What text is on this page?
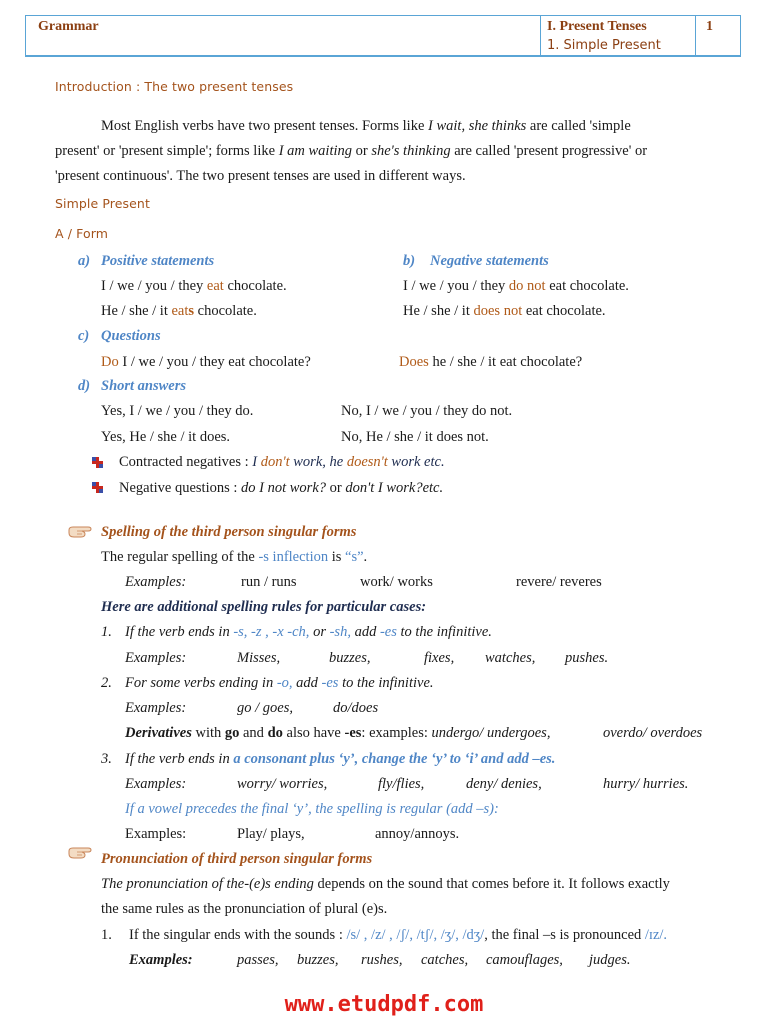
Grammar	I. Present Tenses
1. Simple Present
1
Introduction : The two present tenses
Most English verbs have two present tenses. Forms like I wait, she thinks are called 'simple
present' or 'present simple'; forms like I am waiting or she's thinking are called 'present progressive' or
'present continuous'. The two present tenses are used in different ways.
Simple Present
A / Form
a) Positive statements	b) Negative statements
I / we / you / they eat chocolate.	I / we / you / they do not eat chocolate.
He / she / it eats chocolate.	He / she / it does not eat chocolate.
c) Questions
Do I / we / you / they eat chocolate?	Does he / she / it eat chocolate?
d) Short answers
Yes, I / we / you / they do.	No, I / we / you / they do not.
Yes, He / she / it does.	No, He / she / it does not.
Contracted negatives : I don't work, he doesn't work etc.
Negative questions : do I not work? or don't I work?etc.
Spelling of the third person singular forms
The regular spelling of the -s inflection is “s”.
Examples:	run / runs	work/ works	revere/ reveres
Here are additional spelling rules for particular cases:
1. If the verb ends in -s, -z , -x -ch, or -sh, add -es to the infinitive.
Examples:	Misses,	buzzes,	fixes, watches, pushes.
2. For some verbs ending in -o, add -es to the infinitive.
Examples:	go / goes,	do/does
Derivatives with go and do also have -es: examples: undergo/ undergoes,	overdo/ overdoes
3. If the verb ends in a consonant plus ‘y’, change the ‘y’ to ‘i’ and add –es.
Examples:	worry/ worries,	fly/flies,	deny/ denies,	hurry/ hurries.
If a vowel precedes the final ‘y’, the spelling is regular (add –s):
Examples:	Play/ plays,	annoy/annoys.
Pronunciation of third person singular forms
The pronunciation of the-(e)s ending depends on the sound that comes before it. It follows exactly
the same rules as the pronunciation of plural (e)s.
1. If the singular ends with the sounds : /s/ , /z/ , /ʃ/, /tʃ/, /ʒ/, /dʒ/, the final –s is pronounced /ɪz/.
Examples:	passes, buzzes, rushes, catches, camouflages, judges.
www.etudpdf.com
